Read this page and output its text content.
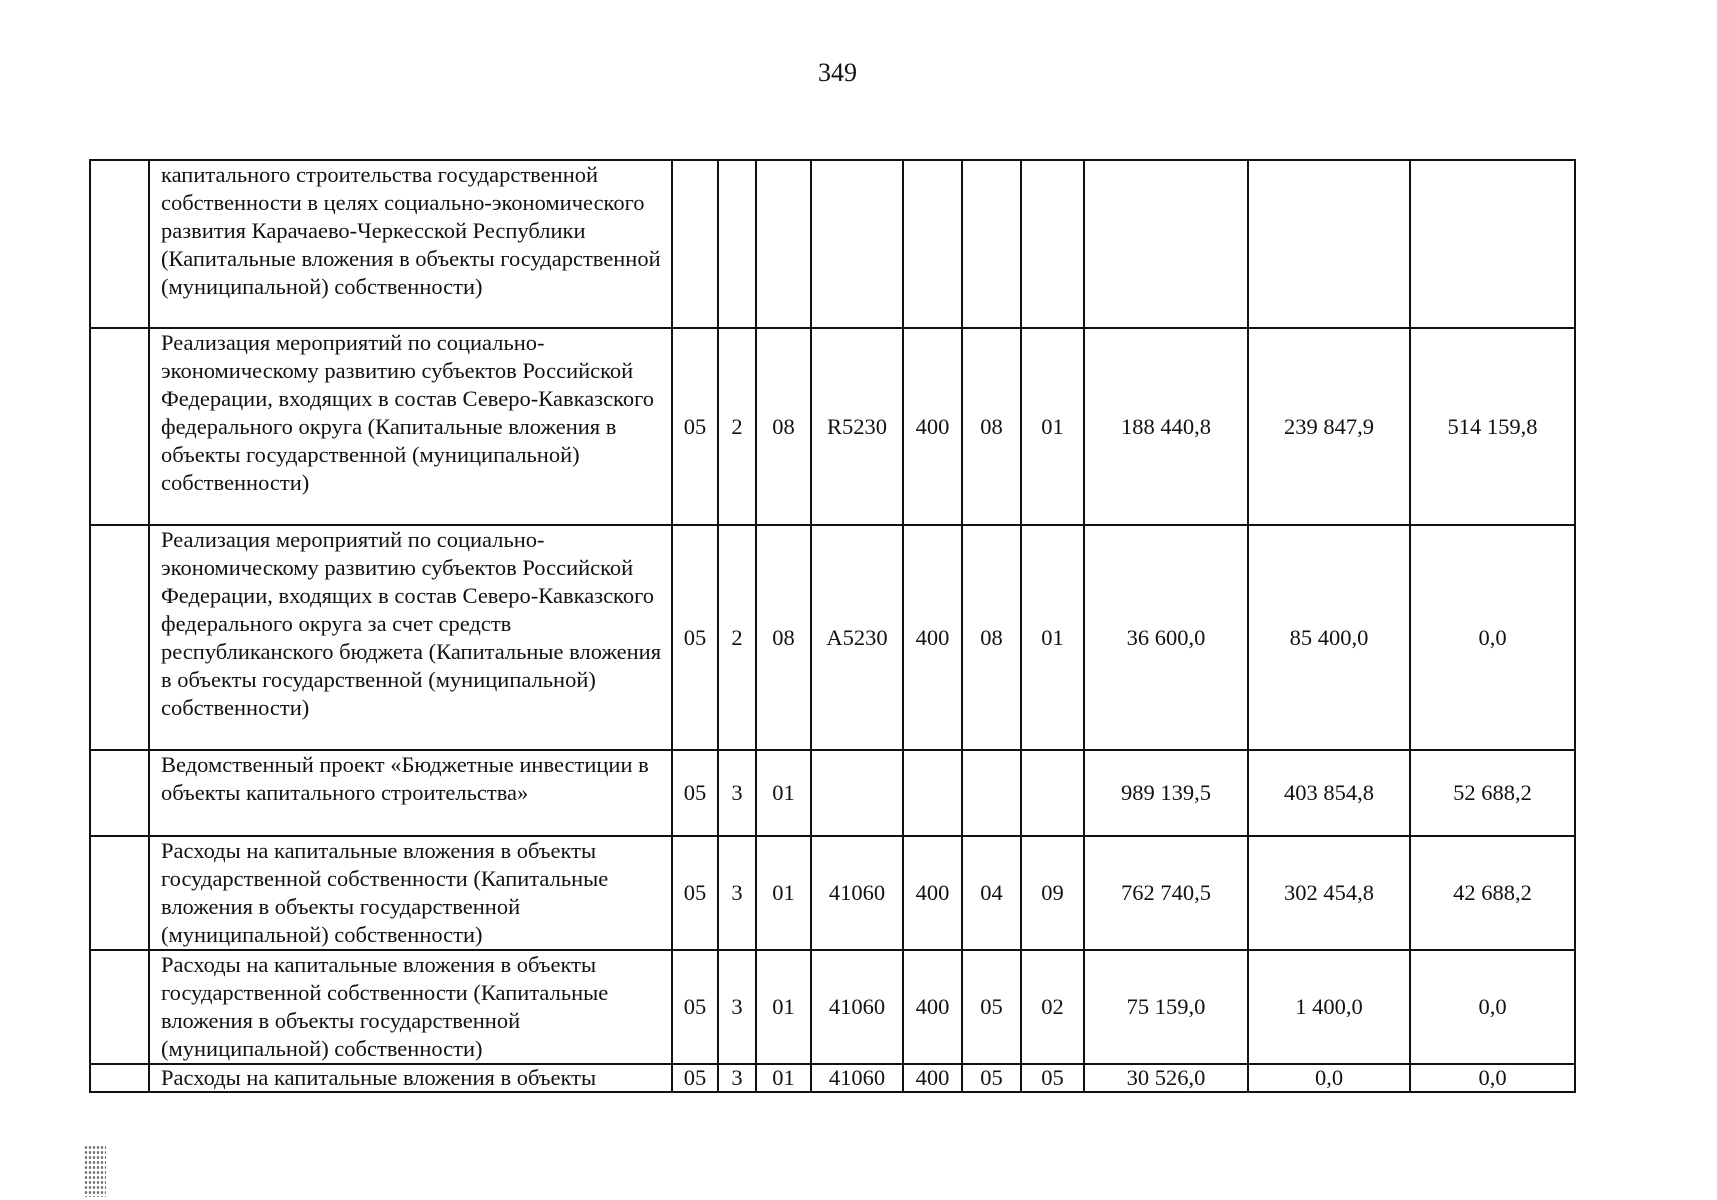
349
	капитального строительства государственной собственности в целях социально-экономического развития Карачаево-Черкесской Республики (Капитальные вложения в объекты государственной (муниципальной) собственности)										
	Реализация мероприятий по социально-экономическому развитию субъектов Российской Федерации, входящих в состав Северо-Кавказского федерального округа (Капитальные вложения в объекты государственной (муниципальной) собственности)	05	2	08	R5230	400	08	01	188 440,8	239 847,9	514 159,8
	Реализация мероприятий по социально-экономическому развитию субъектов Российской Федерации, входящих в состав Северо-Кавказского федерального округа за счет средств республиканского бюджета (Капитальные вложения в объекты государственной (муниципальной) собственности)	05	2	08	А5230	400	08	01	36 600,0	85 400,0	0,0
	Ведомственный проект «Бюджетные инвестиции в объекты капитального строительства»	05	3	01					989 139,5	403 854,8	52 688,2
	Расходы на капитальные вложения в объекты государственной собственности (Капитальные вложения в объекты государственной (муниципальной) собственности)	05	3	01	41060	400	04	09	762 740,5	302 454,8	42 688,2
	Расходы на капитальные вложения в объекты государственной собственности (Капитальные вложения в объекты государственной (муниципальной) собственности)	05	3	01	41060	400	05	02	75 159,0	1 400,0	0,0
	Расходы на капитальные вложения в объекты	05	3	01	41060	400	05	05	30 526,0	0,0	0,0
